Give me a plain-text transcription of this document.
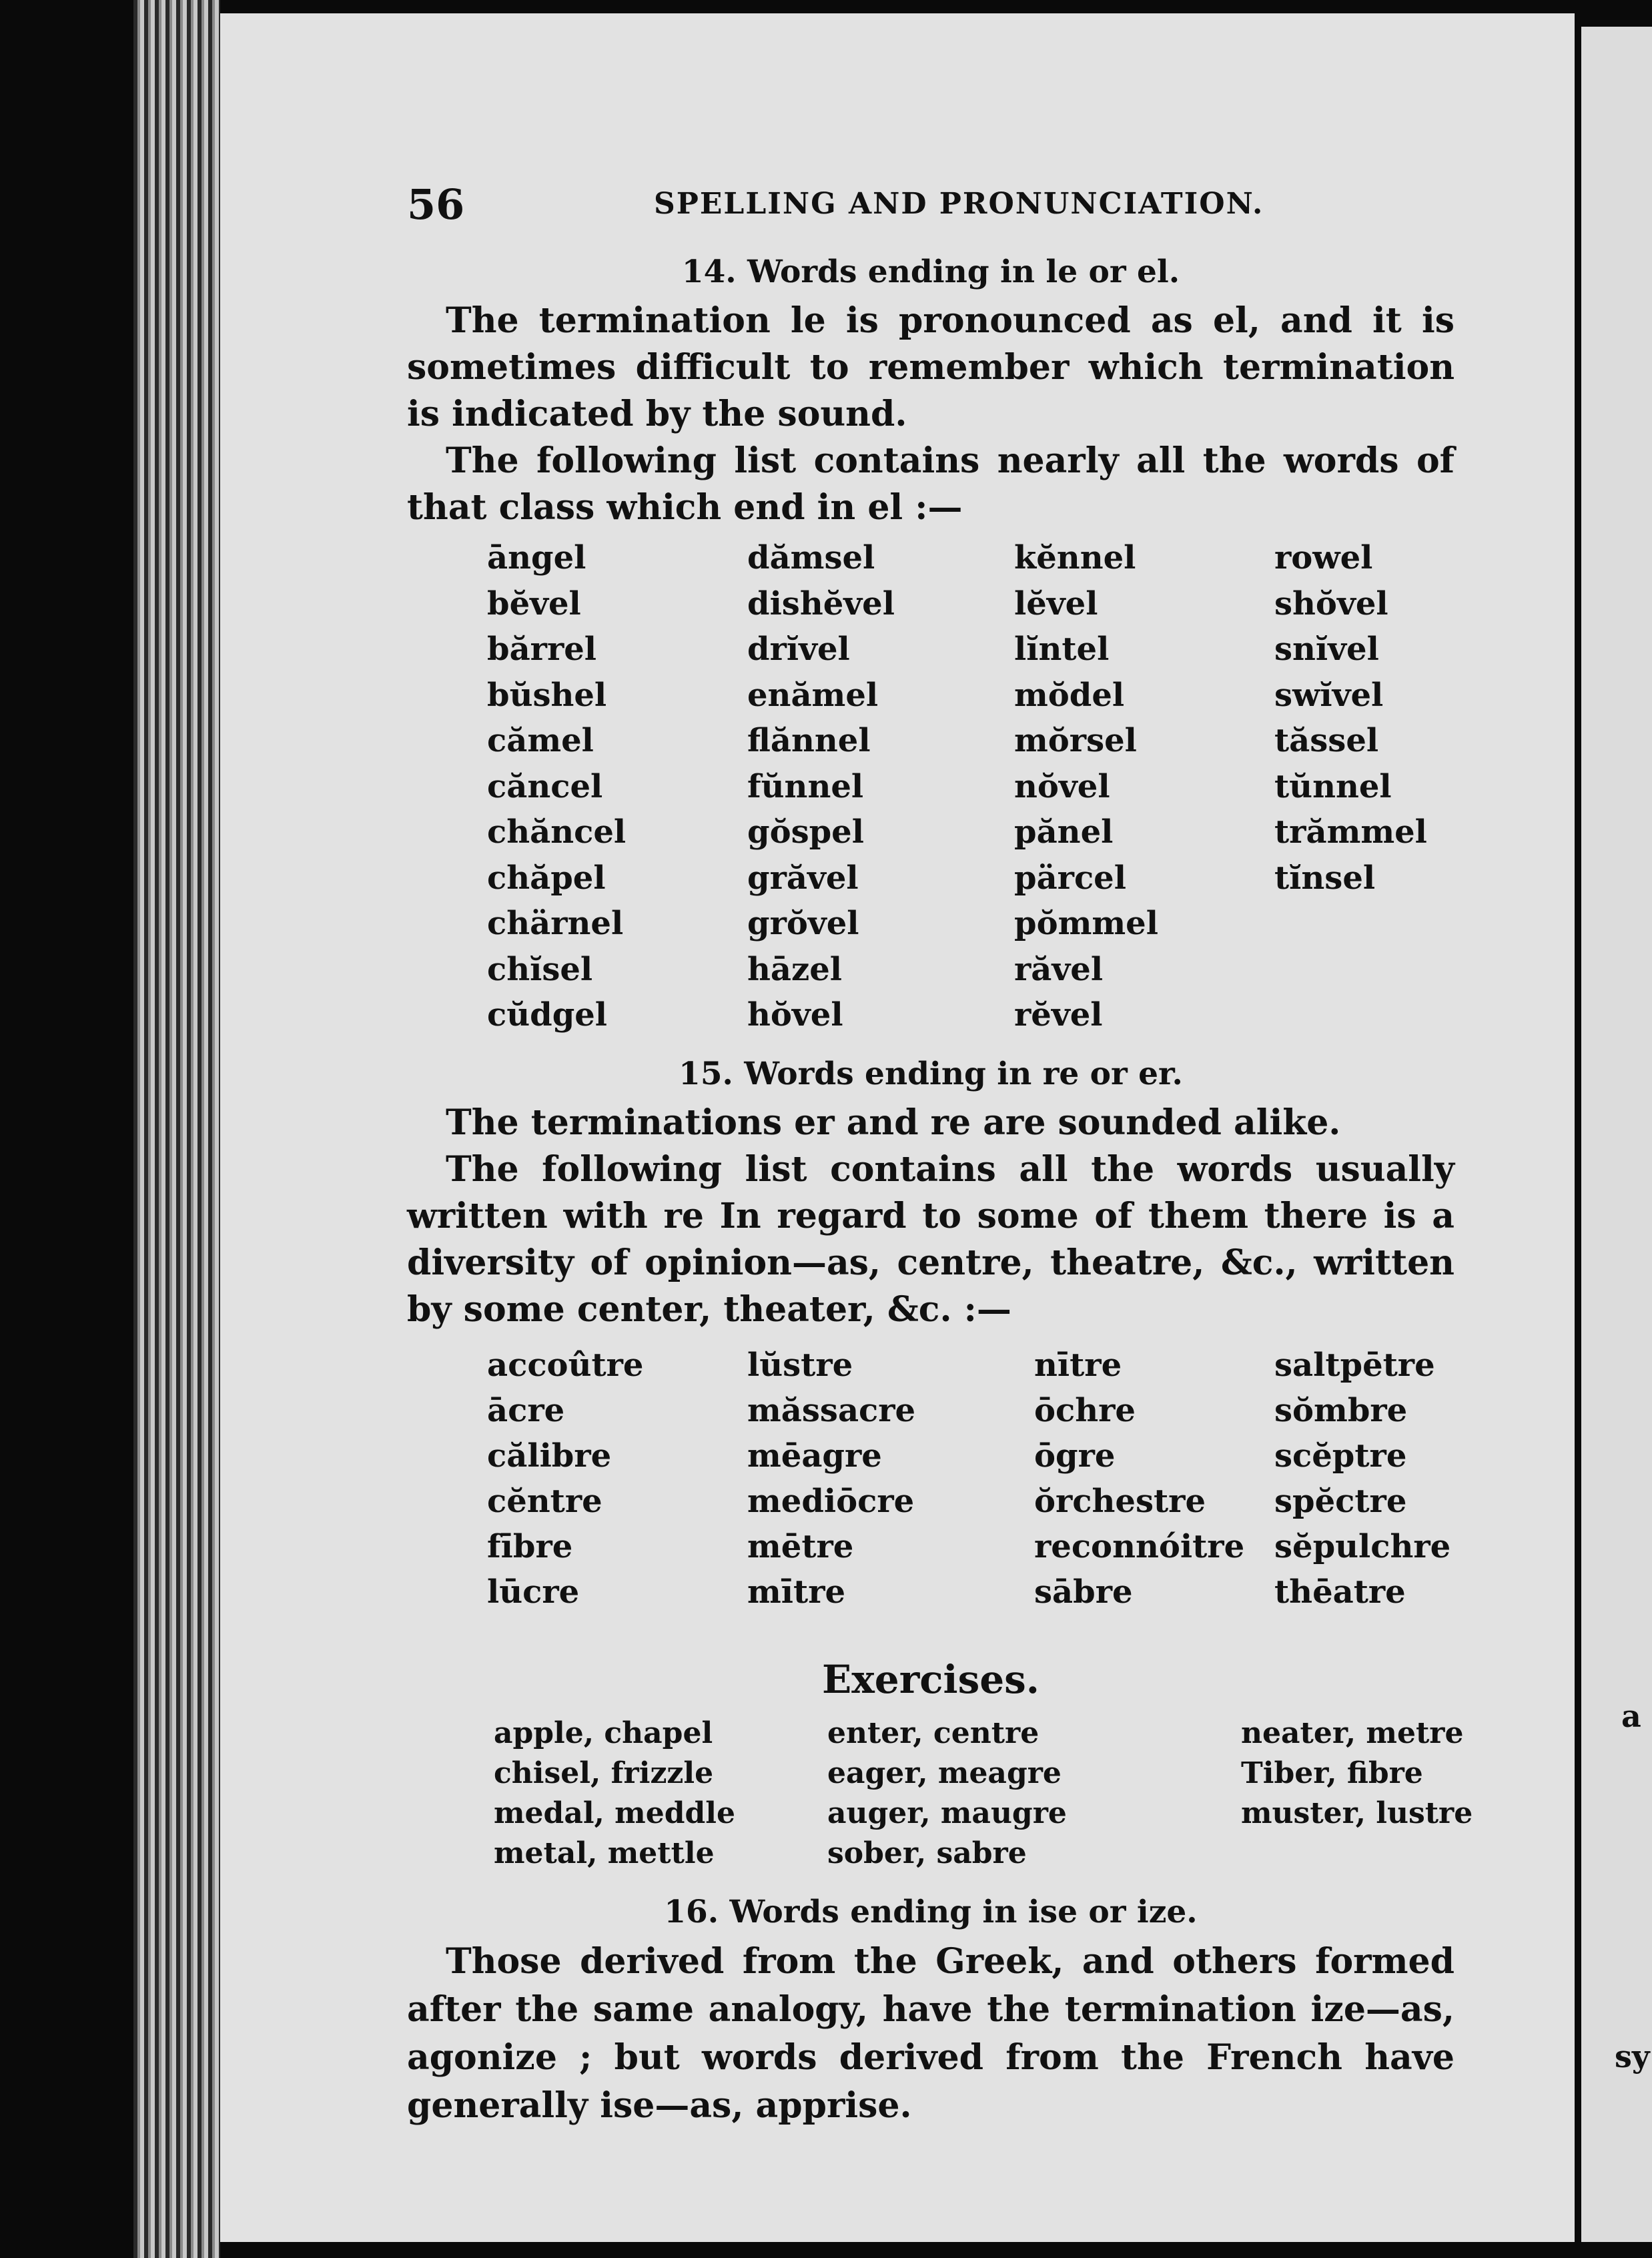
a
sy
56	SPELLING AND PRONUNCIATION.

14. Words ending in le or el.

The termination le is pronounced as el, and it is sometimes difficult to remember which termination is indicated by the sound.

The following list contains nearly all the words of that class which end in el :—

āngel
bĕvel
bărrel
bŭshel
cămel
căncel
chăncel
chăpel
chärnel
chĭsel
cŭdgel
dămsel
dishĕvel
drĭvel
enămel
flănnel
fŭnnel
gŏspel
grăvel
grŏvel
hāzel
hŏvel
kĕnnel
lĕvel
lĭntel
mŏdel
mŏrsel
nŏvel
pănel
pärcel
pŏmmel
răvel
rĕvel
rowel
shŏvel
snĭvel
swĭvel
tăssel
tŭnnel
trămmel
tĭnsel

15. Words ending in re or er.

The terminations er and re are sounded alike.

The following list contains all the words usually written with re In regard to some of them there is a diversity of opinion—as, centre, theatre, &c., written by some center, theater, &c. :—

accoûtre
ācre
călibre
cĕntre
fībre
lūcre
lŭstre
măssacre
mēagre
mediōcre
mētre
mītre
nītre
ōchre
ōgre
ŏrchestre
reconnóitre
sābre
saltpētre
sŏmbre
scĕptre
spĕctre
sĕpulchre
thēatre

Exercises.

apple, chapel
chisel, frizzle
medal, meddle
metal, mettle
enter, centre
eager, meagre
auger, maugre
sober, sabre
neater, metre
Tiber, fibre
muster, lustre

16. Words ending in ise or ize.

Those derived from the Greek, and others formed after the same analogy, have the termination ize—as, agonize ; but words derived from the French have generally ise—as, apprise.
